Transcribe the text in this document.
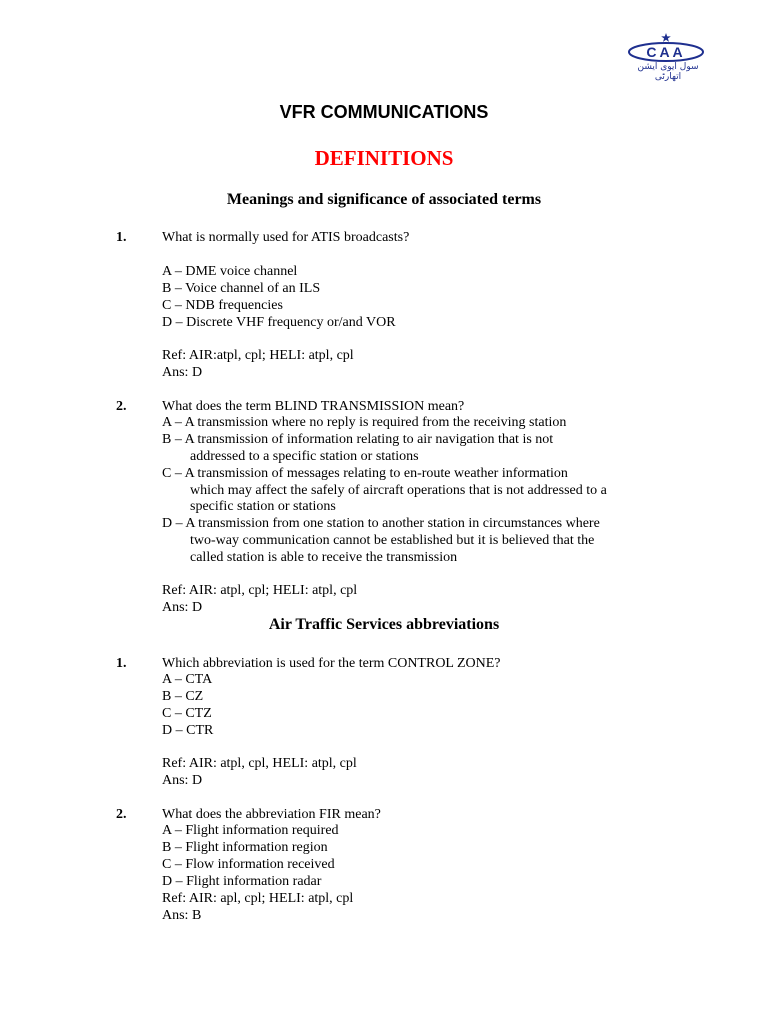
CAA
سول ایوی ایشن اتھارٹی
VFR COMMUNICATIONS
DEFINITIONS
Meanings and significance of associated terms
1.	What is normally used for ATIS broadcasts?
A – DME voice channel
B – Voice channel of an ILS
C – NDB frequencies
D – Discrete VHF frequency or/and VOR
Ref: AIR:atpl, cpl; HELI: atpl, cpl
Ans: D
2.	What does the term BLIND TRANSMISSION mean?
A – A transmission where no reply is required from the receiving station
B – A transmission of information relating to air navigation that is not
addressed to a specific station or stations
C – A transmission of messages relating to en-route weather information
which may affect the safely of aircraft operations that is not addressed to a
specific station or stations
D – A transmission from one station to another station in circumstances where
two-way communication cannot be established but it is believed that the
called station is able to receive the transmission
Ref: AIR: atpl, cpl; HELI: atpl, cpl
Ans: D
Air Traffic Services abbreviations
1.	Which abbreviation is used for the term CONTROL ZONE?
A – CTA
B – CZ
C – CTZ
D – CTR
Ref: AIR: atpl, cpl, HELI: atpl, cpl
Ans: D
2.	What does the abbreviation FIR mean?
A – Flight information required
B – Flight information region
C – Flow information received
D – Flight information radar
Ref: AIR: apl, cpl; HELI: atpl, cpl
Ans: B
